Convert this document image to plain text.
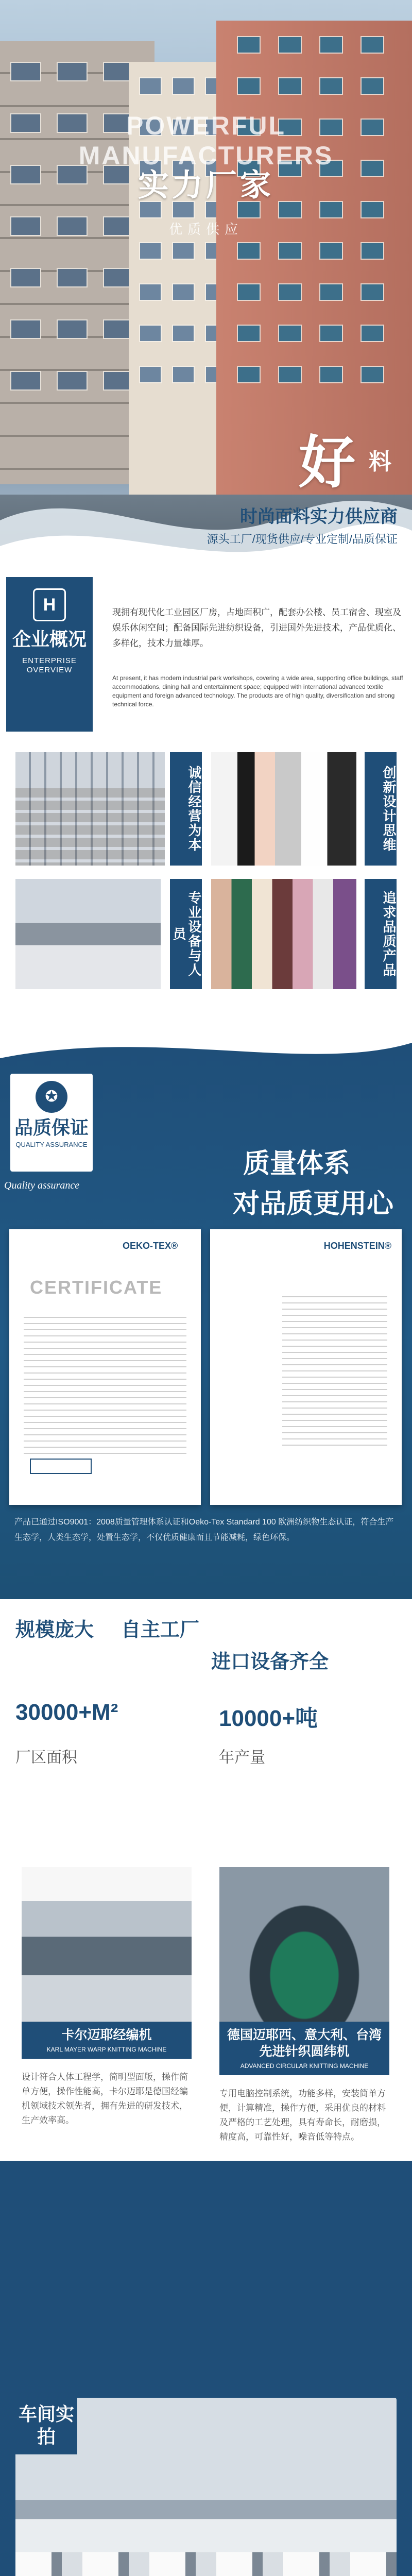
POWERFUL MANUFACTURERS
实力厂家
优质供应
好 料
时尚面料实力供应商
源头工厂/现货供应/专业定制/品质保证
H
企业概况
ENTERPRISE OVERVIEW

现拥有现代化工业园区厂房，占地面积广，配套办公楼、员工宿舍、现室及娱乐休闲空间；配备国际先进纺织设备，引进国外先进技术，产品优质化、多样化，技术力量雄厚。

At present, it has modern industrial park workshops, covering a wide area, supporting office buildings, staff accommodations, dining hall and entertainment space; equipped with international advanced textile equipment and foreign advanced technology. The products are of high quality, diversification and strong technical force.

诚信经营为本	创新设计思维
专业设备与人员	追求品质产品
✪
品质保证
QUALITY ASSURANCE
Quality assurance
质量体系
对品质更用心
OEKO-TEX®
CERTIFICATE
HOHENSTEIN®

产品已通过ISO9001：2008质量管理体系认证和Oeko-Tex Standard 100 欧洲纺织物生态认证，符合生产生态学，人类生态学，处置生态学，不仅优质健康而且节能减耗，绿色环保。

规模庞大 自主工厂
进口设备齐全
30000+M²
厂区面积
10000+吨
年产量
卡尔迈耶经编机
KARL MAYER WARP KNITTING MACHINE

设计符合人体工程学，简明型面版，操作简单方便，操作性能高，卡尔迈耶是德国经编机领域技术领先者，拥有先进的研发技术，生产效率高。

德国迈耶西、意大利、台湾先进针织圆纬机
ADVANCED CIRCULAR KNITTING MACHINE

专用电脑控制系统，功能多样，安装简单方便，计算精准，操作方便，采用优良的材料及严格的工艺处理，具有寿命长，耐磨损，精度高，可靠性好，噪音低等特点。

车间实拍
